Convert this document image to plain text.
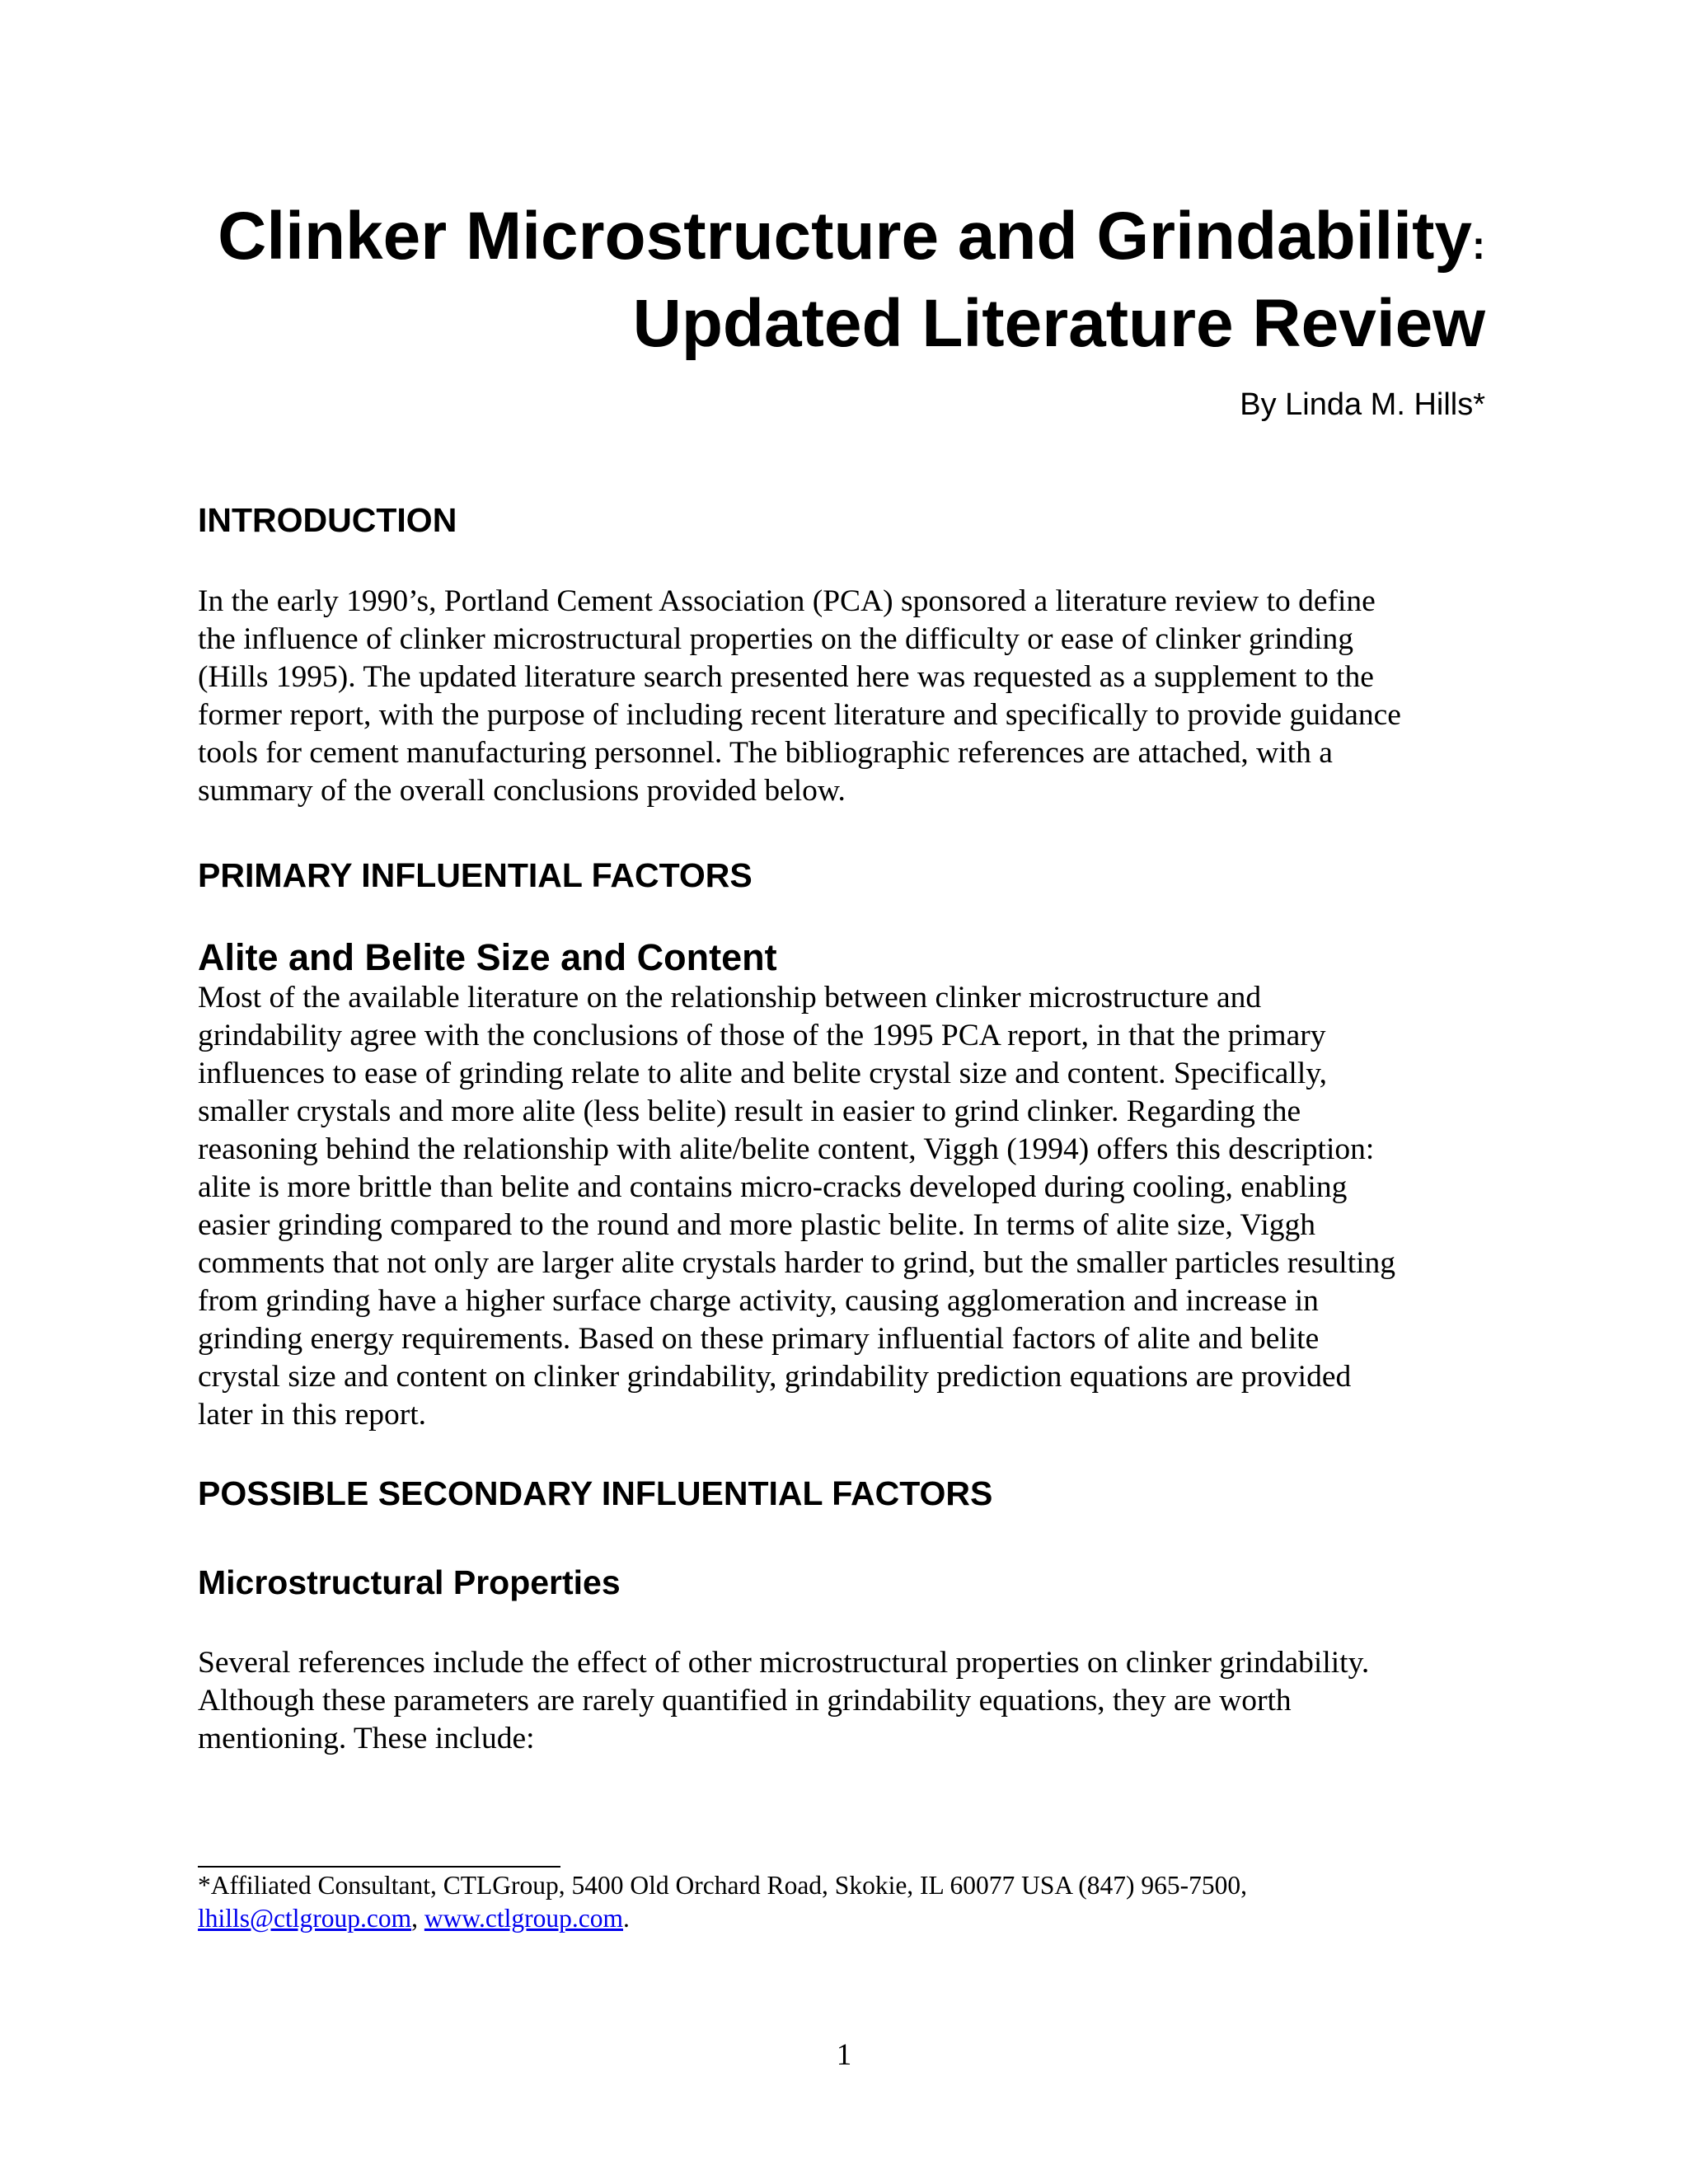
Clinker Microstructure and Grindability:
Updated Literature Review
By Linda M. Hills*
INTRODUCTION
In the early 1990’s, Portland Cement Association (PCA) sponsored a literature review to define
the influence of clinker microstructural properties on the difficulty or ease of clinker grinding
(Hills 1995). The updated literature search presented here was requested as a supplement to the
former report, with the purpose of including recent literature and specifically to provide guidance
tools for cement manufacturing personnel. The bibliographic references are attached, with a
summary of the overall conclusions provided below.
PRIMARY INFLUENTIAL FACTORS
Alite and Belite Size and Content
Most of the available literature on the relationship between clinker microstructure and
grindability agree with the conclusions of those of the 1995 PCA report, in that the primary
influences to ease of grinding relate to alite and belite crystal size and content. Specifically,
smaller crystals and more alite (less belite) result in easier to grind clinker. Regarding the
reasoning behind the relationship with alite/belite content, Viggh (1994) offers this description:
alite is more brittle than belite and contains micro-cracks developed during cooling, enabling
easier grinding compared to the round and more plastic belite. In terms of alite size, Viggh
comments that not only are larger alite crystals harder to grind, but the smaller particles resulting
from grinding have a higher surface charge activity, causing agglomeration and increase in
grinding energy requirements. Based on these primary influential factors of alite and belite
crystal size and content on clinker grindability, grindability prediction equations are provided
later in this report.
POSSIBLE SECONDARY INFLUENTIAL FACTORS
Microstructural Properties
Several references include the effect of other microstructural properties on clinker grindability.
Although these parameters are rarely quantified in grindability equations, they are worth
mentioning. These include:
*Affiliated Consultant, CTLGroup, 5400 Old Orchard Road, Skokie, IL 60077 USA (847) 965-7500,
lhills@ctlgroup.com, www.ctlgroup.com.
1
